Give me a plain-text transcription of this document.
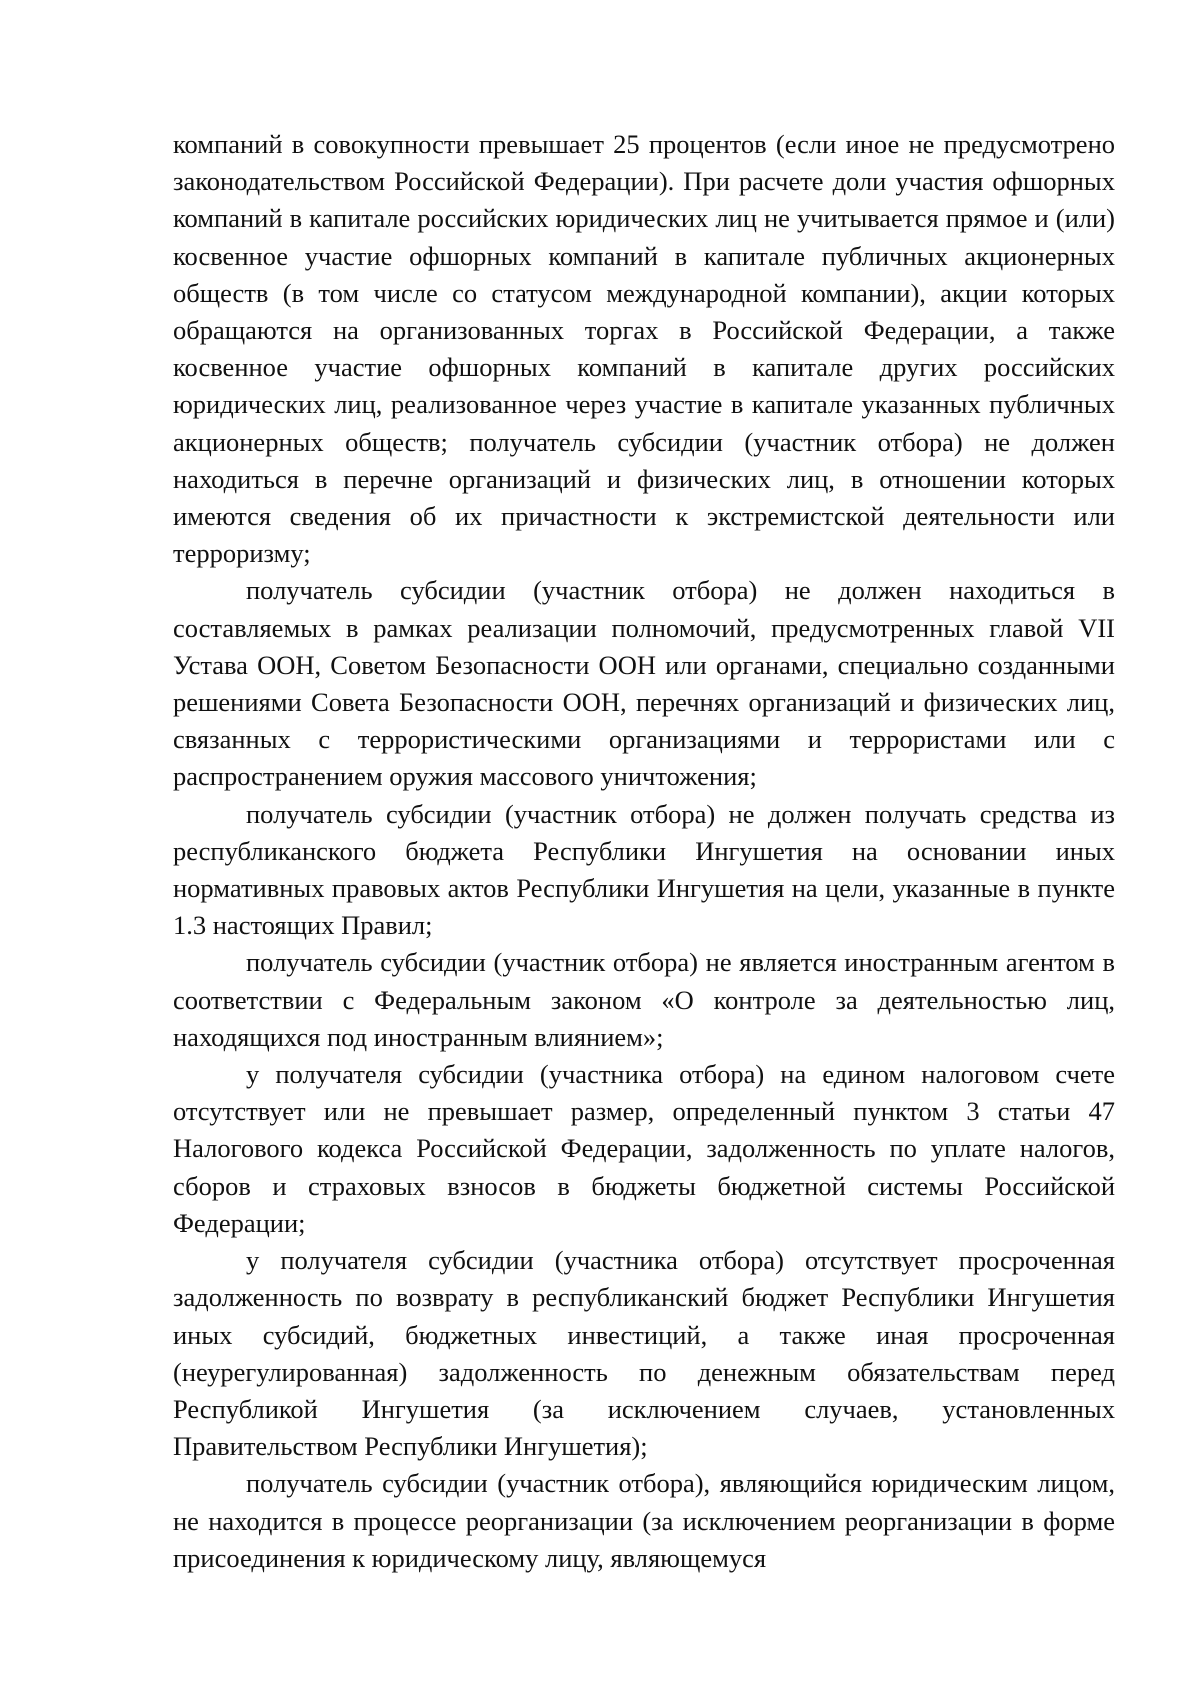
компаний в совокупности превышает 25 процентов (если иное не предусмотрено законодательством Российской Федерации). При расчете доли участия офшорных компаний в капитале российских юридических лиц не учитывается прямое и (или) косвенное участие офшорных компаний в капитале публичных акционерных обществ (в том числе со статусом международной компании), акции которых обращаются на организованных торгах в Российской Федерации, а также косвенное участие офшорных компаний в капитале других российских юридических лиц, реализованное через участие в капитале указанных публичных акционерных обществ; получатель субсидии (участник отбора) не должен находиться в перечне организаций и физических лиц, в отношении которых имеются сведения об их причастности к экстремистской деятельности или терроризму;

получатель субсидии (участник отбора) не должен находиться в составляемых в рамках реализации полномочий, предусмотренных главой VII Устава ООН, Советом Безопасности ООН или органами, специально созданными решениями Совета Безопасности ООН, перечнях организаций и физических лиц, связанных с террористическими организациями и террористами или с распространением оружия массового уничтожения;

получатель субсидии (участник отбора) не должен получать средства из республиканского бюджета Республики Ингушетия на основании иных нормативных правовых актов Республики Ингушетия на цели, указанные в пункте 1.3 настоящих Правил;

получатель субсидии (участник отбора) не является иностранным агентом в соответствии с Федеральным законом «О контроле за деятельностью лиц, находящихся под иностранным влиянием»;

у получателя субсидии (участника отбора) на едином налоговом счете отсутствует или не превышает размер, определенный пунктом 3 статьи 47 Налогового кодекса Российской Федерации, задолженность по уплате налогов, сборов и страховых взносов в бюджеты бюджетной системы Российской Федерации;

у получателя субсидии (участника отбора) отсутствует просроченная задолженность по возврату в республиканский бюджет Республики Ингушетия иных субсидий, бюджетных инвестиций, а также иная просроченная (неурегулированная) задолженность по денежным обязательствам перед Республикой Ингушетия (за исключением случаев, установленных Правительством Республики Ингушетия);

получатель субсидии (участник отбора), являющийся юридическим лицом, не находится в процессе реорганизации (за исключением реорганизации в форме присоединения к юридическому лицу, являющемуся
